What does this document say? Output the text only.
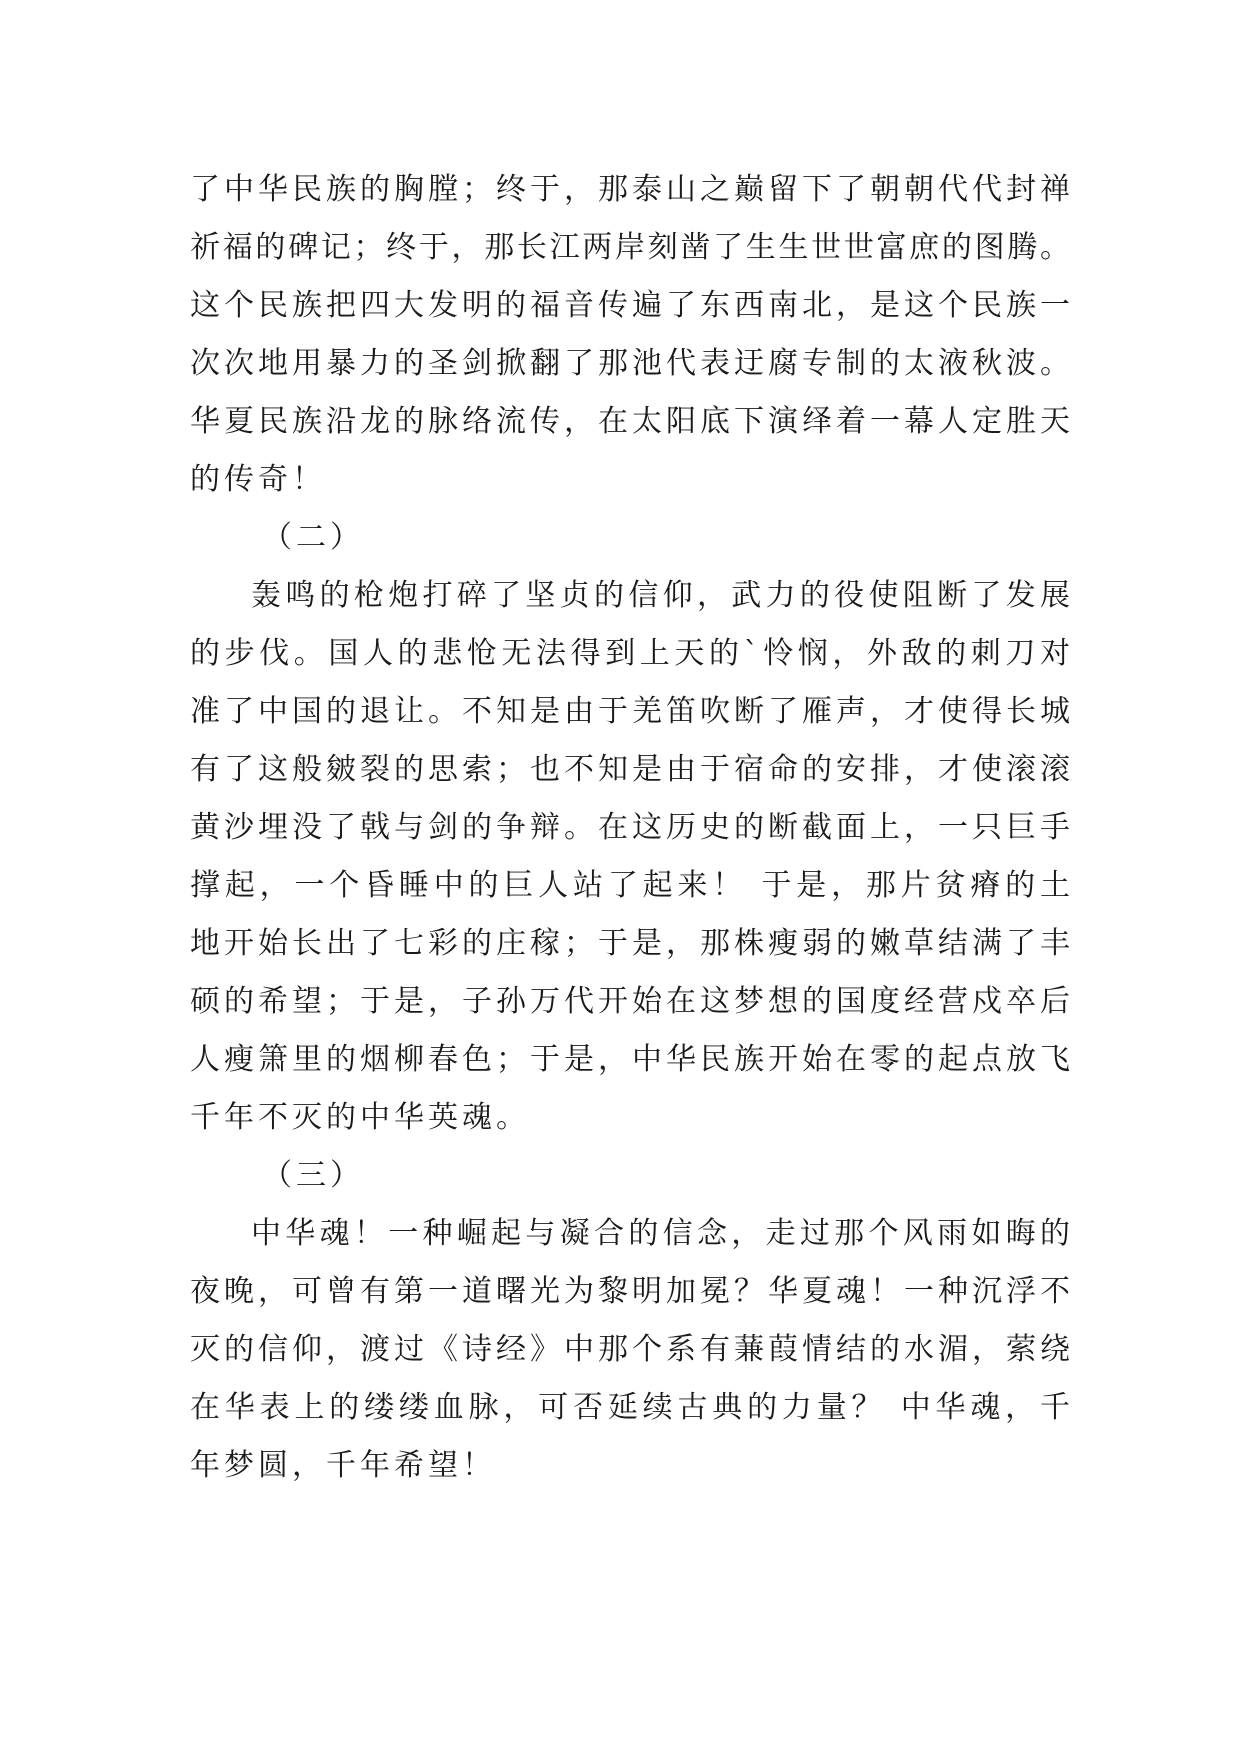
了中华民族的胸膛；终于，那泰山之巅留下了朝朝代代封禅
祈福的碑记；终于，那长江两岸刻凿了生生世世富庶的图腾。
这个民族把四大发明的福音传遍了东西南北，是这个民族一
次次地用暴力的圣剑掀翻了那池代表迂腐专制的太液秋波。
华夏民族沿龙的脉络流传，在太阳底下演绎着一幕人定胜天
的传奇！
（二）
轰鸣的枪炮打碎了坚贞的信仰，武力的役使阻断了发展
的步伐。国人的悲怆无法得到上天的`怜悯，外敌的刺刀对
准了中国的退让。不知是由于羌笛吹断了雁声，才使得长城
有了这般皴裂的思索；也不知是由于宿命的安排，才使滚滚
黄沙埋没了戟与剑的争辩。在这历史的断截面上，一只巨手
撑起，一个昏睡中的巨人站了起来！ 于是，那片贫瘠的土
地开始长出了七彩的庄稼；于是，那株瘦弱的嫩草结满了丰
硕的希望；于是，子孙万代开始在这梦想的国度经营戍卒后
人瘦箫里的烟柳春色；于是，中华民族开始在零的起点放飞
千年不灭的中华英魂。
（三）
中华魂！一种崛起与凝合的信念，走过那个风雨如晦的
夜晚，可曾有第一道曙光为黎明加冕？华夏魂！一种沉浮不
灭的信仰，渡过《诗经》中那个系有蒹葭情结的水湄，萦绕
在华表上的缕缕血脉，可否延续古典的力量？ 中华魂，千
年梦圆，千年希望！
